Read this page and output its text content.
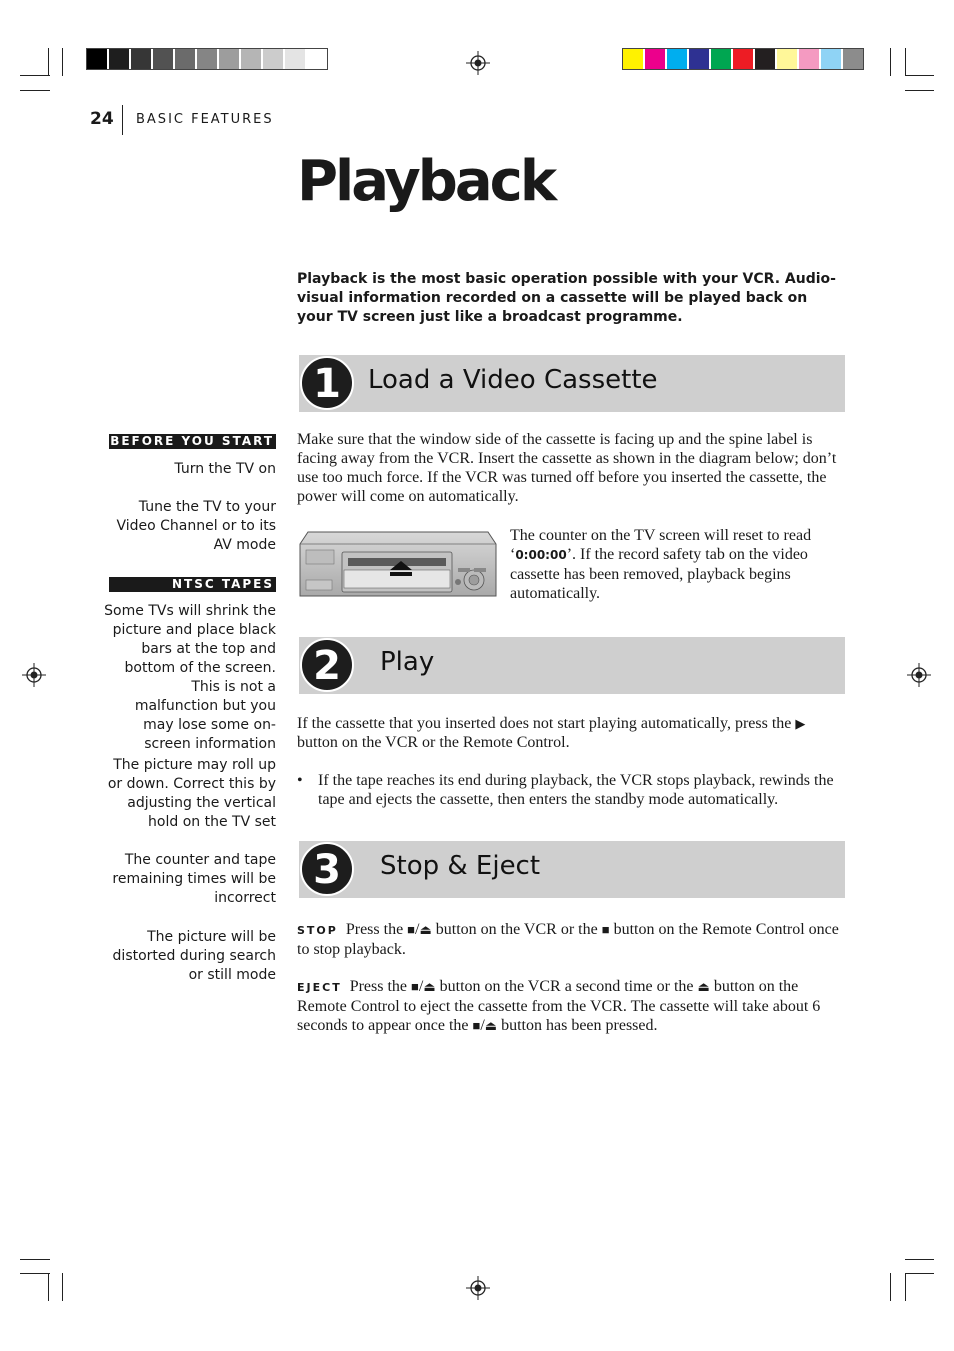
24 BASIC FEATURES
Playback
Playback is the most basic operation possible with your VCR. Audio-visual information recorded on a cassette will be played back on your TV screen just like a broadcast programme.
BEFORE YOU START
Turn the TV on
Tune the TV to your Video Channel or to its AV mode
NTSC TAPES
Some TVs will shrink the picture and place black bars at the top and bottom of the screen. This is not a malfunction but you may lose some on-screen information
The picture may roll up or down. Correct this by adjusting the vertical hold on the TV set
The counter and tape remaining times will be incorrect
The picture will be distorted during search or still mode
1	Load a Video Cassette
Make sure that the window side of the cassette is facing up and the spine label is facing away from the VCR. Insert the cassette as shown in the diagram below; don’t use too much force. If the VCR was turned off before you inserted the cassette, the power will come on automatically.
The counter on the TV screen will reset to read ‘0:00:00’. If the record safety tab on the video cassette has been removed, playback begins automatically.
2	Play
If the cassette that you inserted does not start playing automatically, press the ▶ button on the VCR or the Remote Control.
• If the tape reaches its end during playback, the VCR stops playback, rewinds the tape and ejects the cassette, then enters the standby mode automatically.
3	Stop & Eject
STOP Press the ■/⏏ button on the VCR or the ■ button on the Remote Control once to stop playback.
EJECT Press the ■/⏏ button on the VCR a second time or the ⏏ button on the Remote Control to eject the cassette from the VCR. The cassette will take about 6 seconds to appear once the ■/⏏ button has been pressed.
